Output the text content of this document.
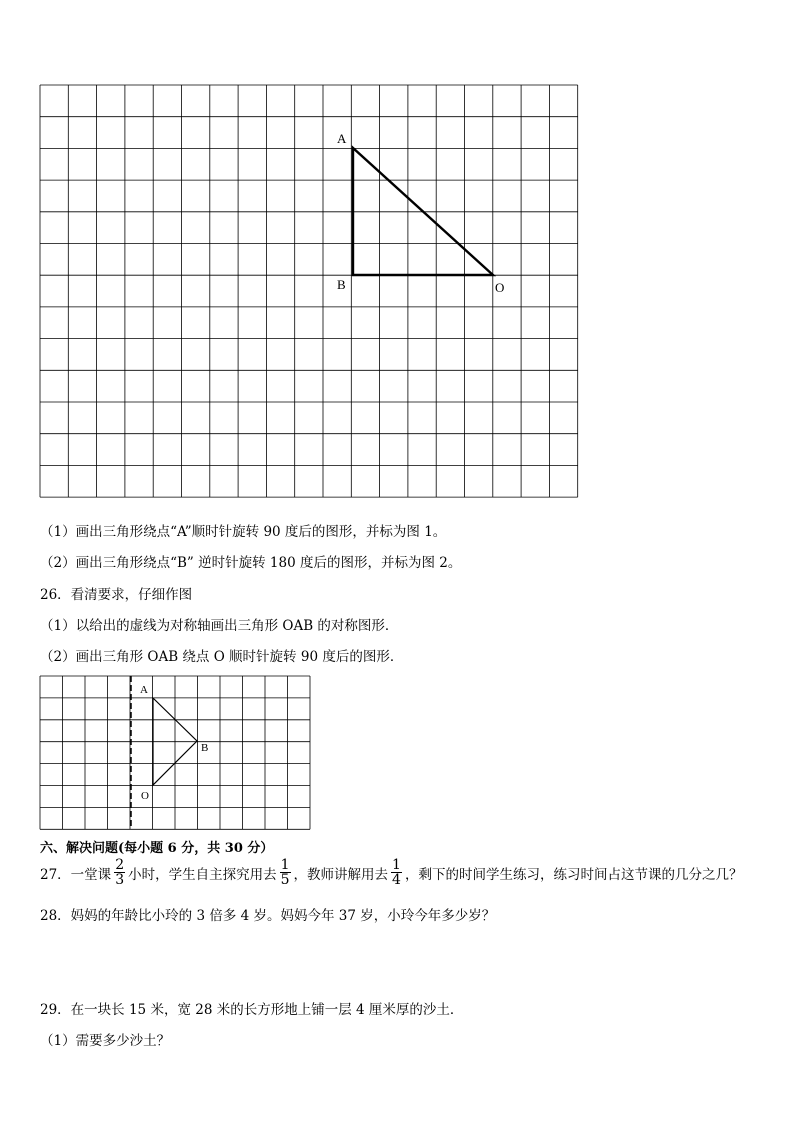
A
B	O
（1）画出三角形绕点“A”顺时针旋转 90 度后的图形，并标为图 1。
（2）画出三角形绕点“B” 逆时针旋转 180 度后的图形，并标为图 2。
26．看清要求，仔细作图
（1）以给出的虚线为对称轴画出三角形 OAB 的对称图形．
（2）画出三角形 OAB 绕点 O 顺时针旋转 90 度后的图形．
A
B
O
六、解决问题(每小题 6 分，共 30 分）
27．一堂课 $\frac{2}{3}$ 小时，学生自主探究用去 $\frac{1}{5}$ ，教师讲解用去 $\frac{1}{4}$ ，剩下的时间学生练习，练习时间占这节课的几分之几？
28．妈妈的年龄比小玲的 3 倍多 4 岁。妈妈今年 37 岁，小玲今年多少岁？
29．在一块长 15 米，宽 28 米的长方形地上铺一层 4 厘米厚的沙土．
（1）需要多少沙土？
